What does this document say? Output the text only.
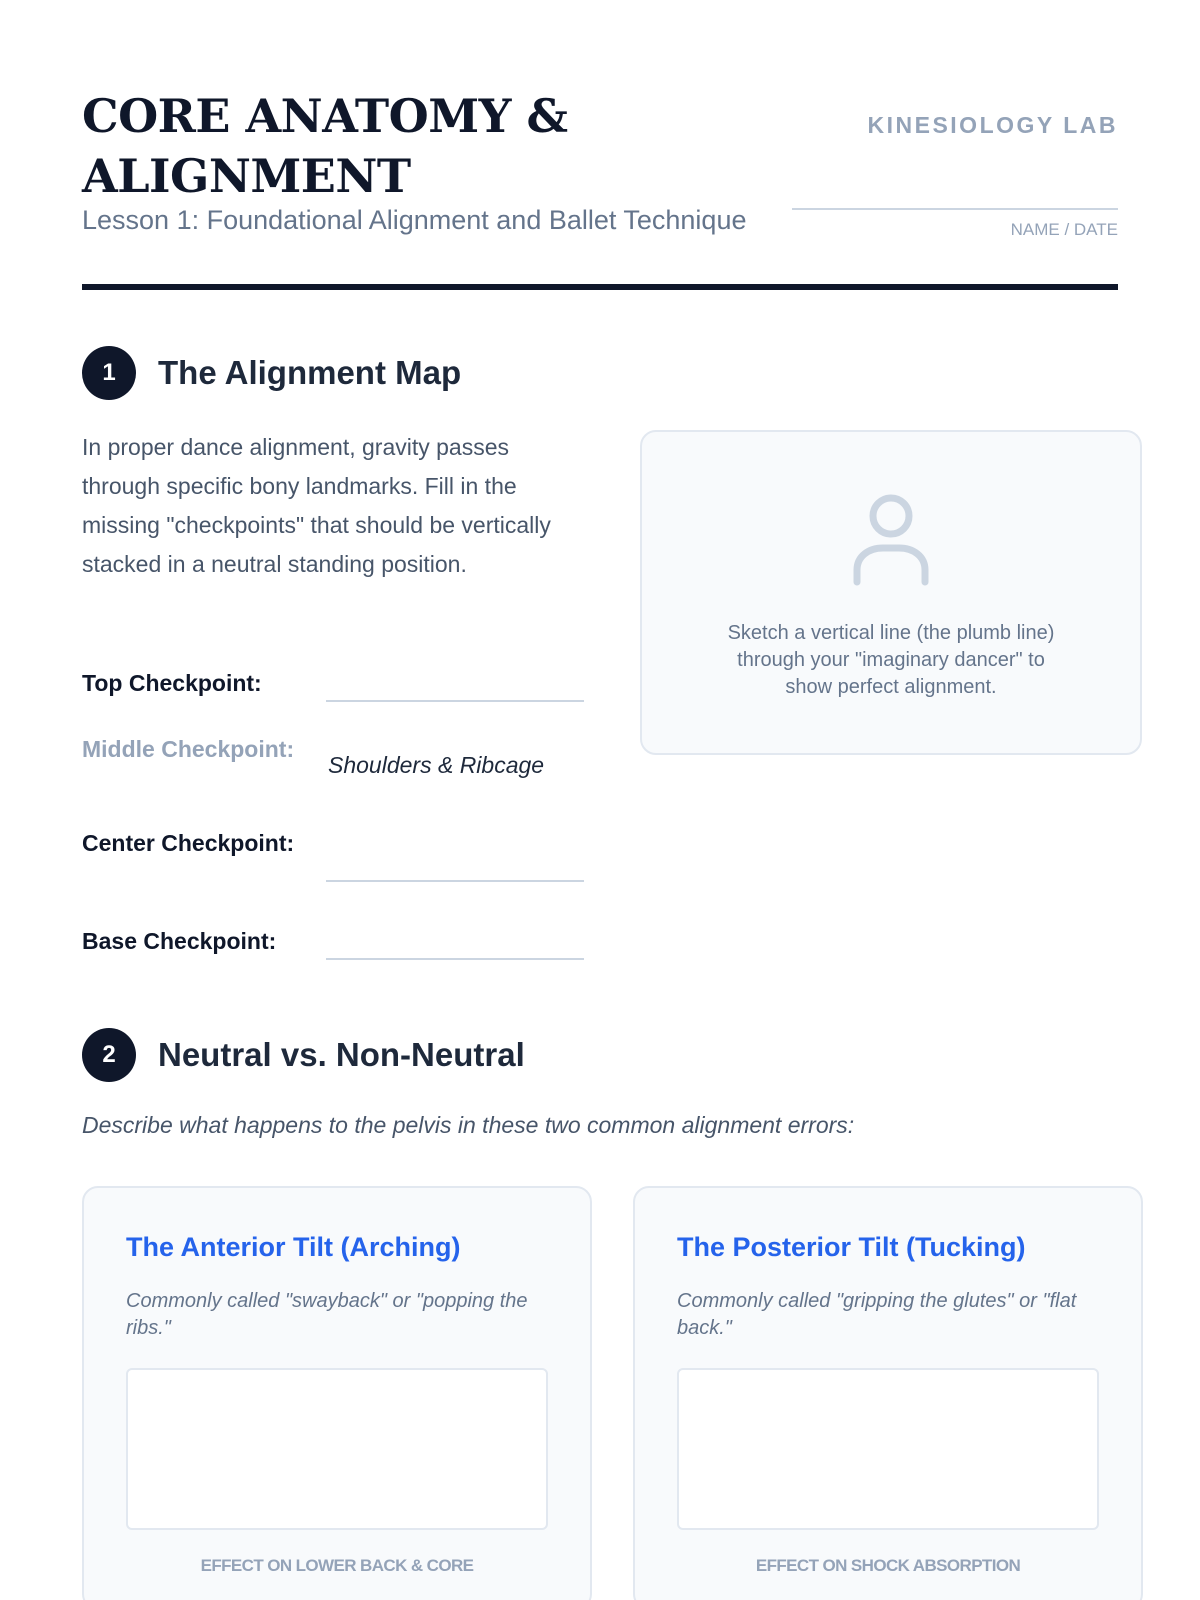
CORE ANATOMY & ALIGNMENT
Lesson 1: Foundational Alignment and Ballet Technique
KINESIOLOGY LAB
NAME / DATE
1	The Alignment Map

In proper dance alignment, gravity passes through specific bony landmarks. Fill in the missing "checkpoints" that should be vertically stacked in a neutral standing position.

Top Checkpoint:
Middle Checkpoint:
Shoulders & Ribcage
Center Checkpoint:
Base Checkpoint:
Sketch a vertical line (the plumb line) through your "imaginary dancer" to show perfect alignment.
2	Neutral vs. Non-Neutral

Describe what happens to the pelvis in these two common alignment errors:

The Anterior Tilt (Arching)

Commonly called "swayback" or "popping the ribs."

EFFECT ON LOWER BACK & CORE
The Posterior Tilt (Tucking)

Commonly called "gripping the glutes" or "flat back."

EFFECT ON SHOCK ABSORPTION
